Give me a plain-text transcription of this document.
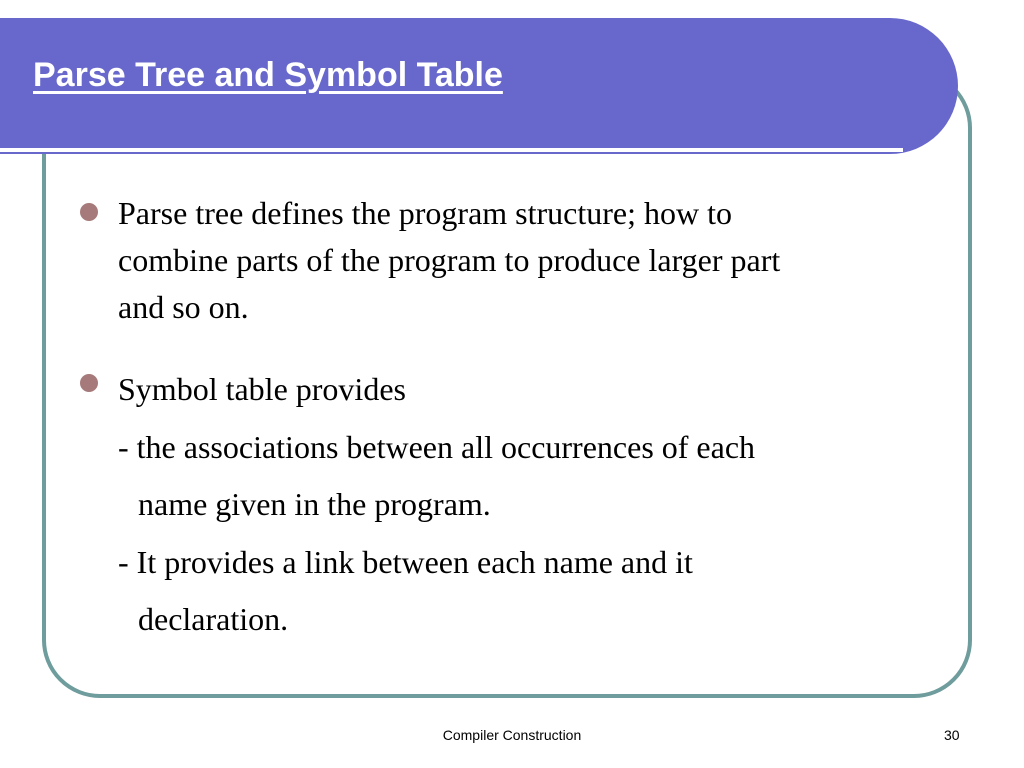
Parse Tree and Symbol Table
Parse tree defines the program structure; how to
combine parts of the program to produce larger part
and so on.
Symbol table provides
- the associations between all occurrences of each
name given in the program.
- It provides a link between each name and it
declaration.
Compiler Construction	30
